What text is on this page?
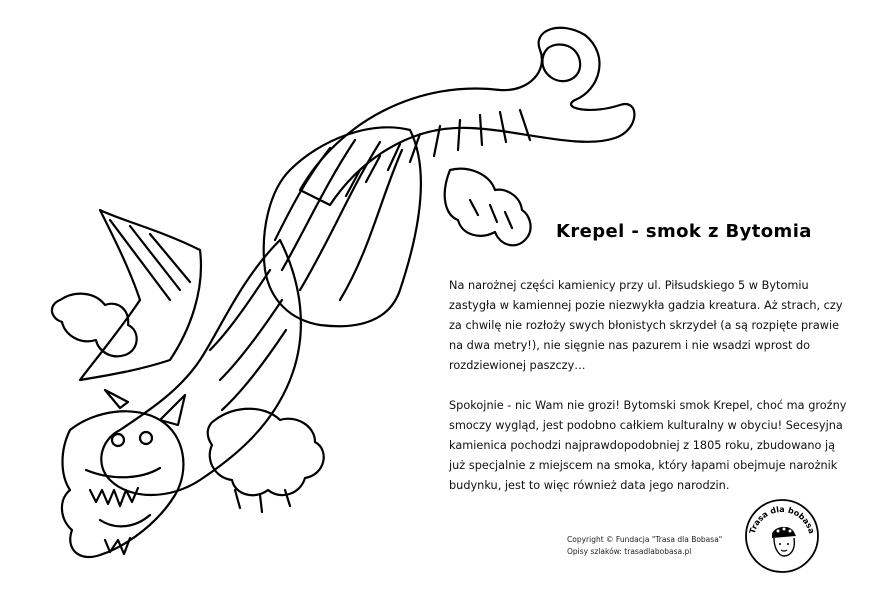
Krepel - smok z Bytomia

Na narożnej części kamienicy przy ul. Piłsudskiego 5 w Bytomiu zastygła w kamiennej pozie niezwykła gadzia kreatura. Aż strach, czy za chwilę nie rozłoży swych błonistych skrzydeł (a są rozpięte prawie na dwa metry!), nie sięgnie nas pazurem i nie wsadzi wprost do rozdziewionej paszczy…

Spokojnie - nic Wam nie grozi! Bytomski smok Krepel, choć ma groźny smoczy wygląd, jest podobno całkiem kulturalny w obyciu! Secesyjna kamienica pochodzi najprawdopodobniej z 1805 roku, zbudowano ją już specjalnie z miejscem na smoka, który łapami obejmuje narożnik budynku, jest to więc również data jego narodzin.

Copyright © Fundacja "Trasa dla Bobasa"
Opisy szlaków: trasadlabobasa.pl
Trasa dla bobasa
